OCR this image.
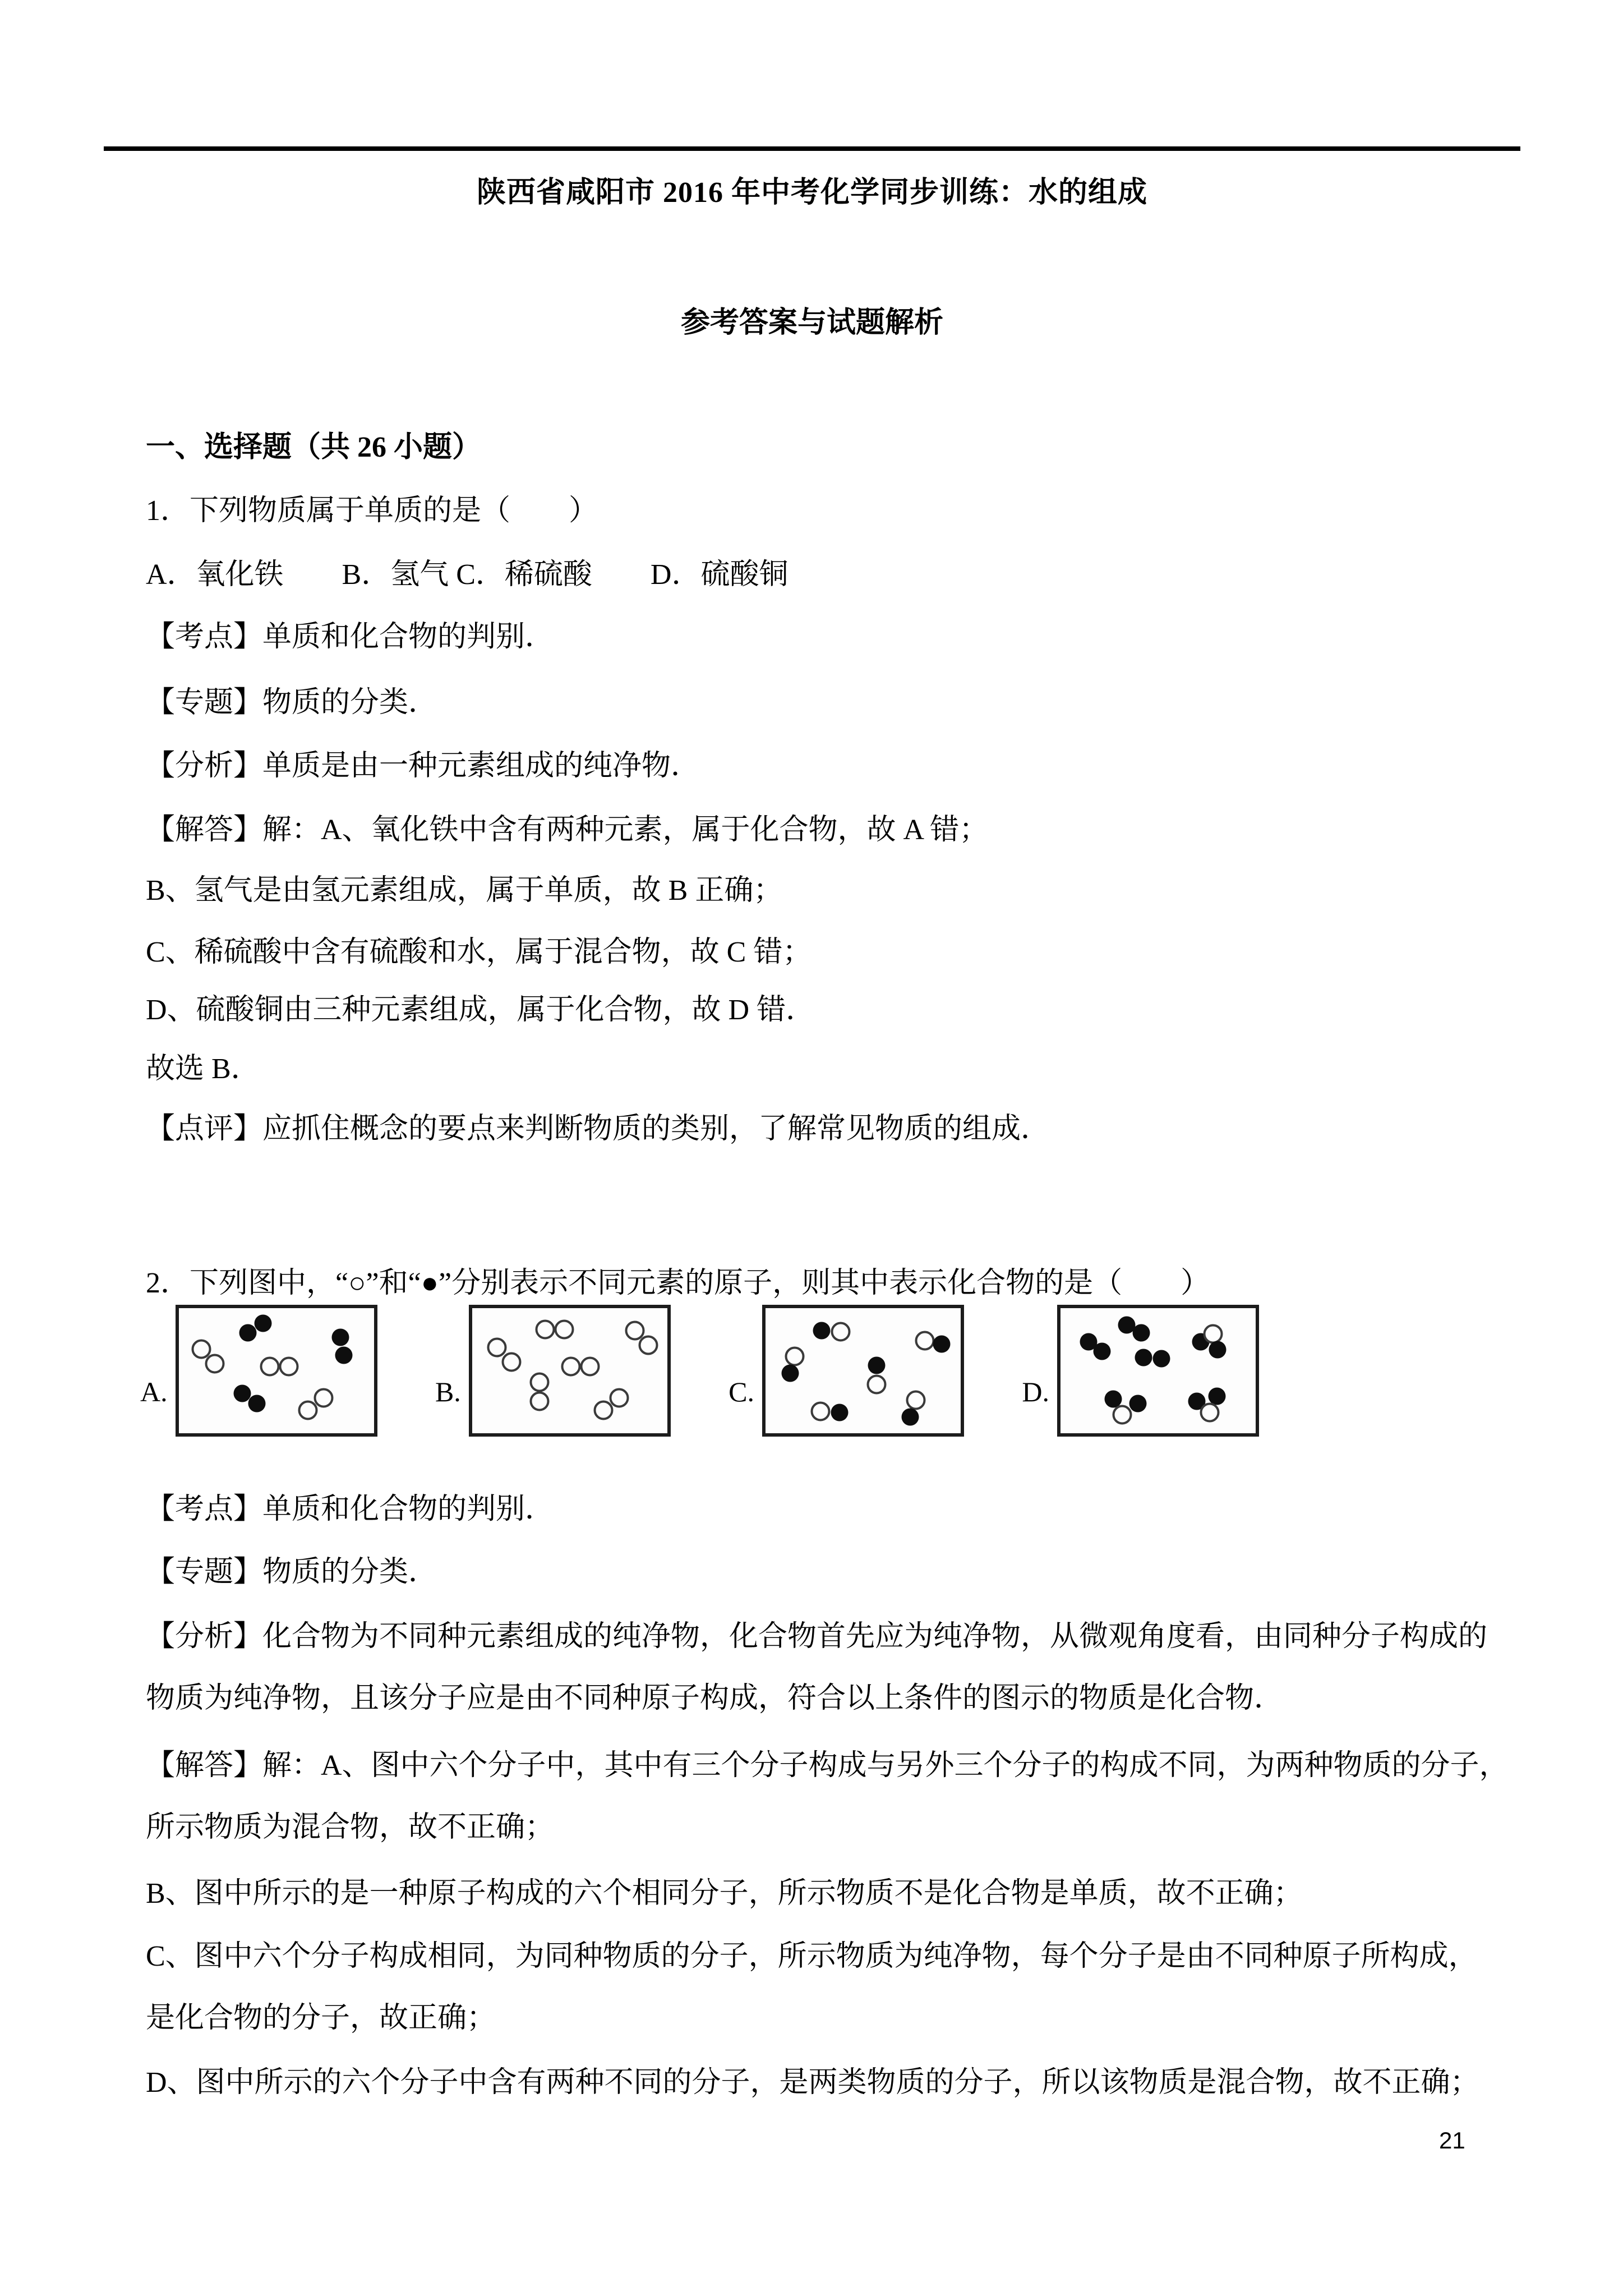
陕西省咸阳市 2016 年中考化学同步训练：水的组成
参考答案与试题解析
一、选择题（共 26 小题）
1．下列物质属于单质的是（　　）
A．氧化铁　　B．氢气 C．稀硫酸　　D．硫酸铜
【考点】单质和化合物的判别．
【专题】物质的分类．
【分析】单质是由一种元素组成的纯净物．
【解答】解：A、氧化铁中含有两种元素，属于化合物，故 A 错；
B、氢气是由氢元素组成，属于单质，故 B 正确；
C、稀硫酸中含有硫酸和水，属于混合物，故 C 错；
D、硫酸铜由三种元素组成，属于化合物，故 D 错．
故选 B．
【点评】应抓住概念的要点来判断物质的类别，了解常见物质的组成．
2．下列图中，“○”和“●”分别表示不同元素的原子，则其中表示化合物的是（　　）
A.	B.	C.	D.
【考点】单质和化合物的判别．
【专题】物质的分类．
【分析】化合物为不同种元素组成的纯净物，化合物首先应为纯净物，从微观角度看，由同种分子构成的
物质为纯净物，且该分子应是由不同种原子构成，符合以上条件的图示的物质是化合物．
【解答】解：A、图中六个分子中，其中有三个分子构成与另外三个分子的构成不同，为两种物质的分子，
所示物质为混合物，故不正确；
B、图中所示的是一种原子构成的六个相同分子，所示物质不是化合物是单质，故不正确；
C、图中六个分子构成相同，为同种物质的分子，所示物质为纯净物，每个分子是由不同种原子所构成，
是化合物的分子，故正确；
D、图中所示的六个分子中含有两种不同的分子，是两类物质的分子，所以该物质是混合物，故不正确；
21
